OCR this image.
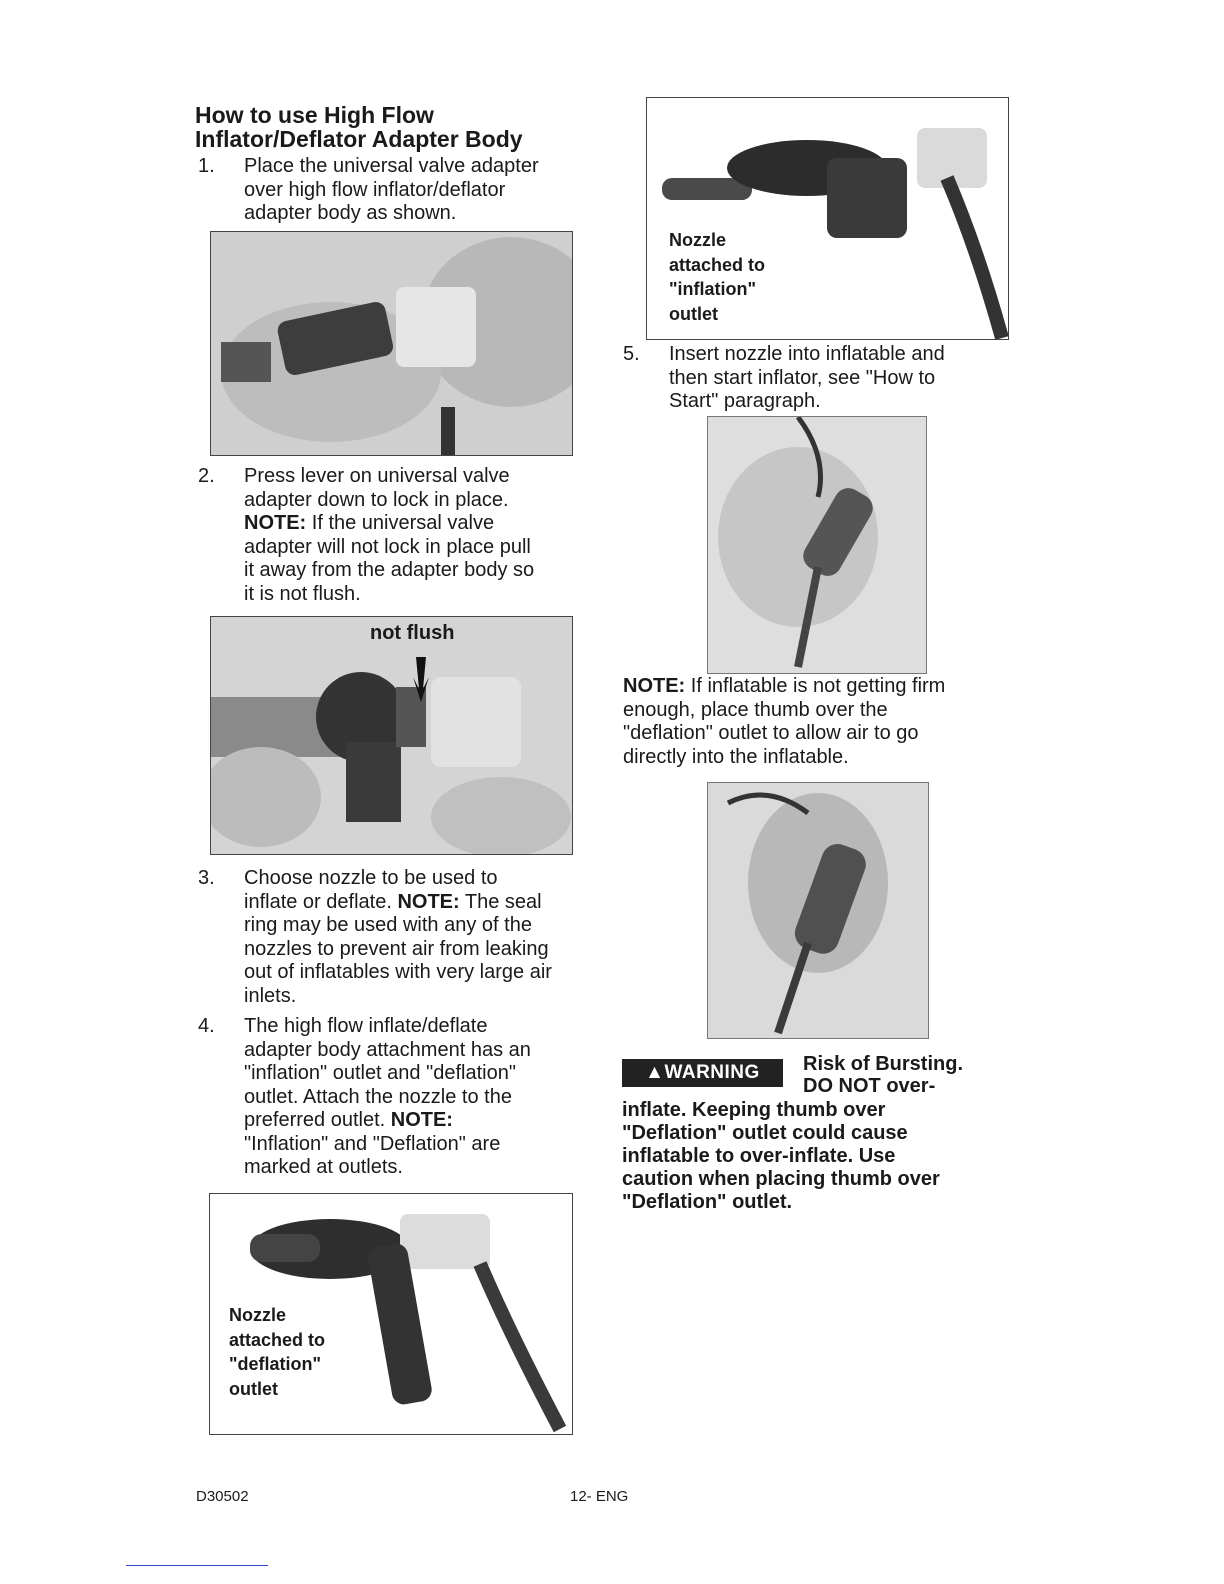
How to use High Flow
Inflator/Deflator Adapter Body
1. Place the universal valve adapter
over high flow inflator/deflator
adapter body as shown.
2. Press lever on universal valve
adapter down to lock in place.
NOTE: If the universal valve
adapter will not lock in place pull
it away from the adapter body so
it is not flush.
not flush
3. Choose nozzle to be used to
inflate or deflate. NOTE: The seal
ring may be used with any of the
nozzles to prevent air from leaking
out of inflatables with very large air
inlets.
4. The high flow inflate/deflate
adapter body attachment has an
"inflation" outlet and "deflation"
outlet. Attach the nozzle to the
preferred outlet. NOTE:
"Inflation" and "Deflation" are
marked at outlets.
Nozzle
attached to
"deflation"
outlet
Nozzle
attached to
"inflation"
outlet
5. Insert nozzle into inflatable and
then start inflator, see "How to
Start" paragraph.
NOTE: If inflatable is not getting firm
enough, place thumb over the
"deflation" outlet to allow air to go
directly into the inflatable.
▲WARNING	Risk of Bursting.
DO NOT over-
inflate. Keeping thumb over
"Deflation" outlet could cause
inflatable to over-inflate. Use
caution when placing thumb over
"Deflation" outlet.
D30502	12- ENG
